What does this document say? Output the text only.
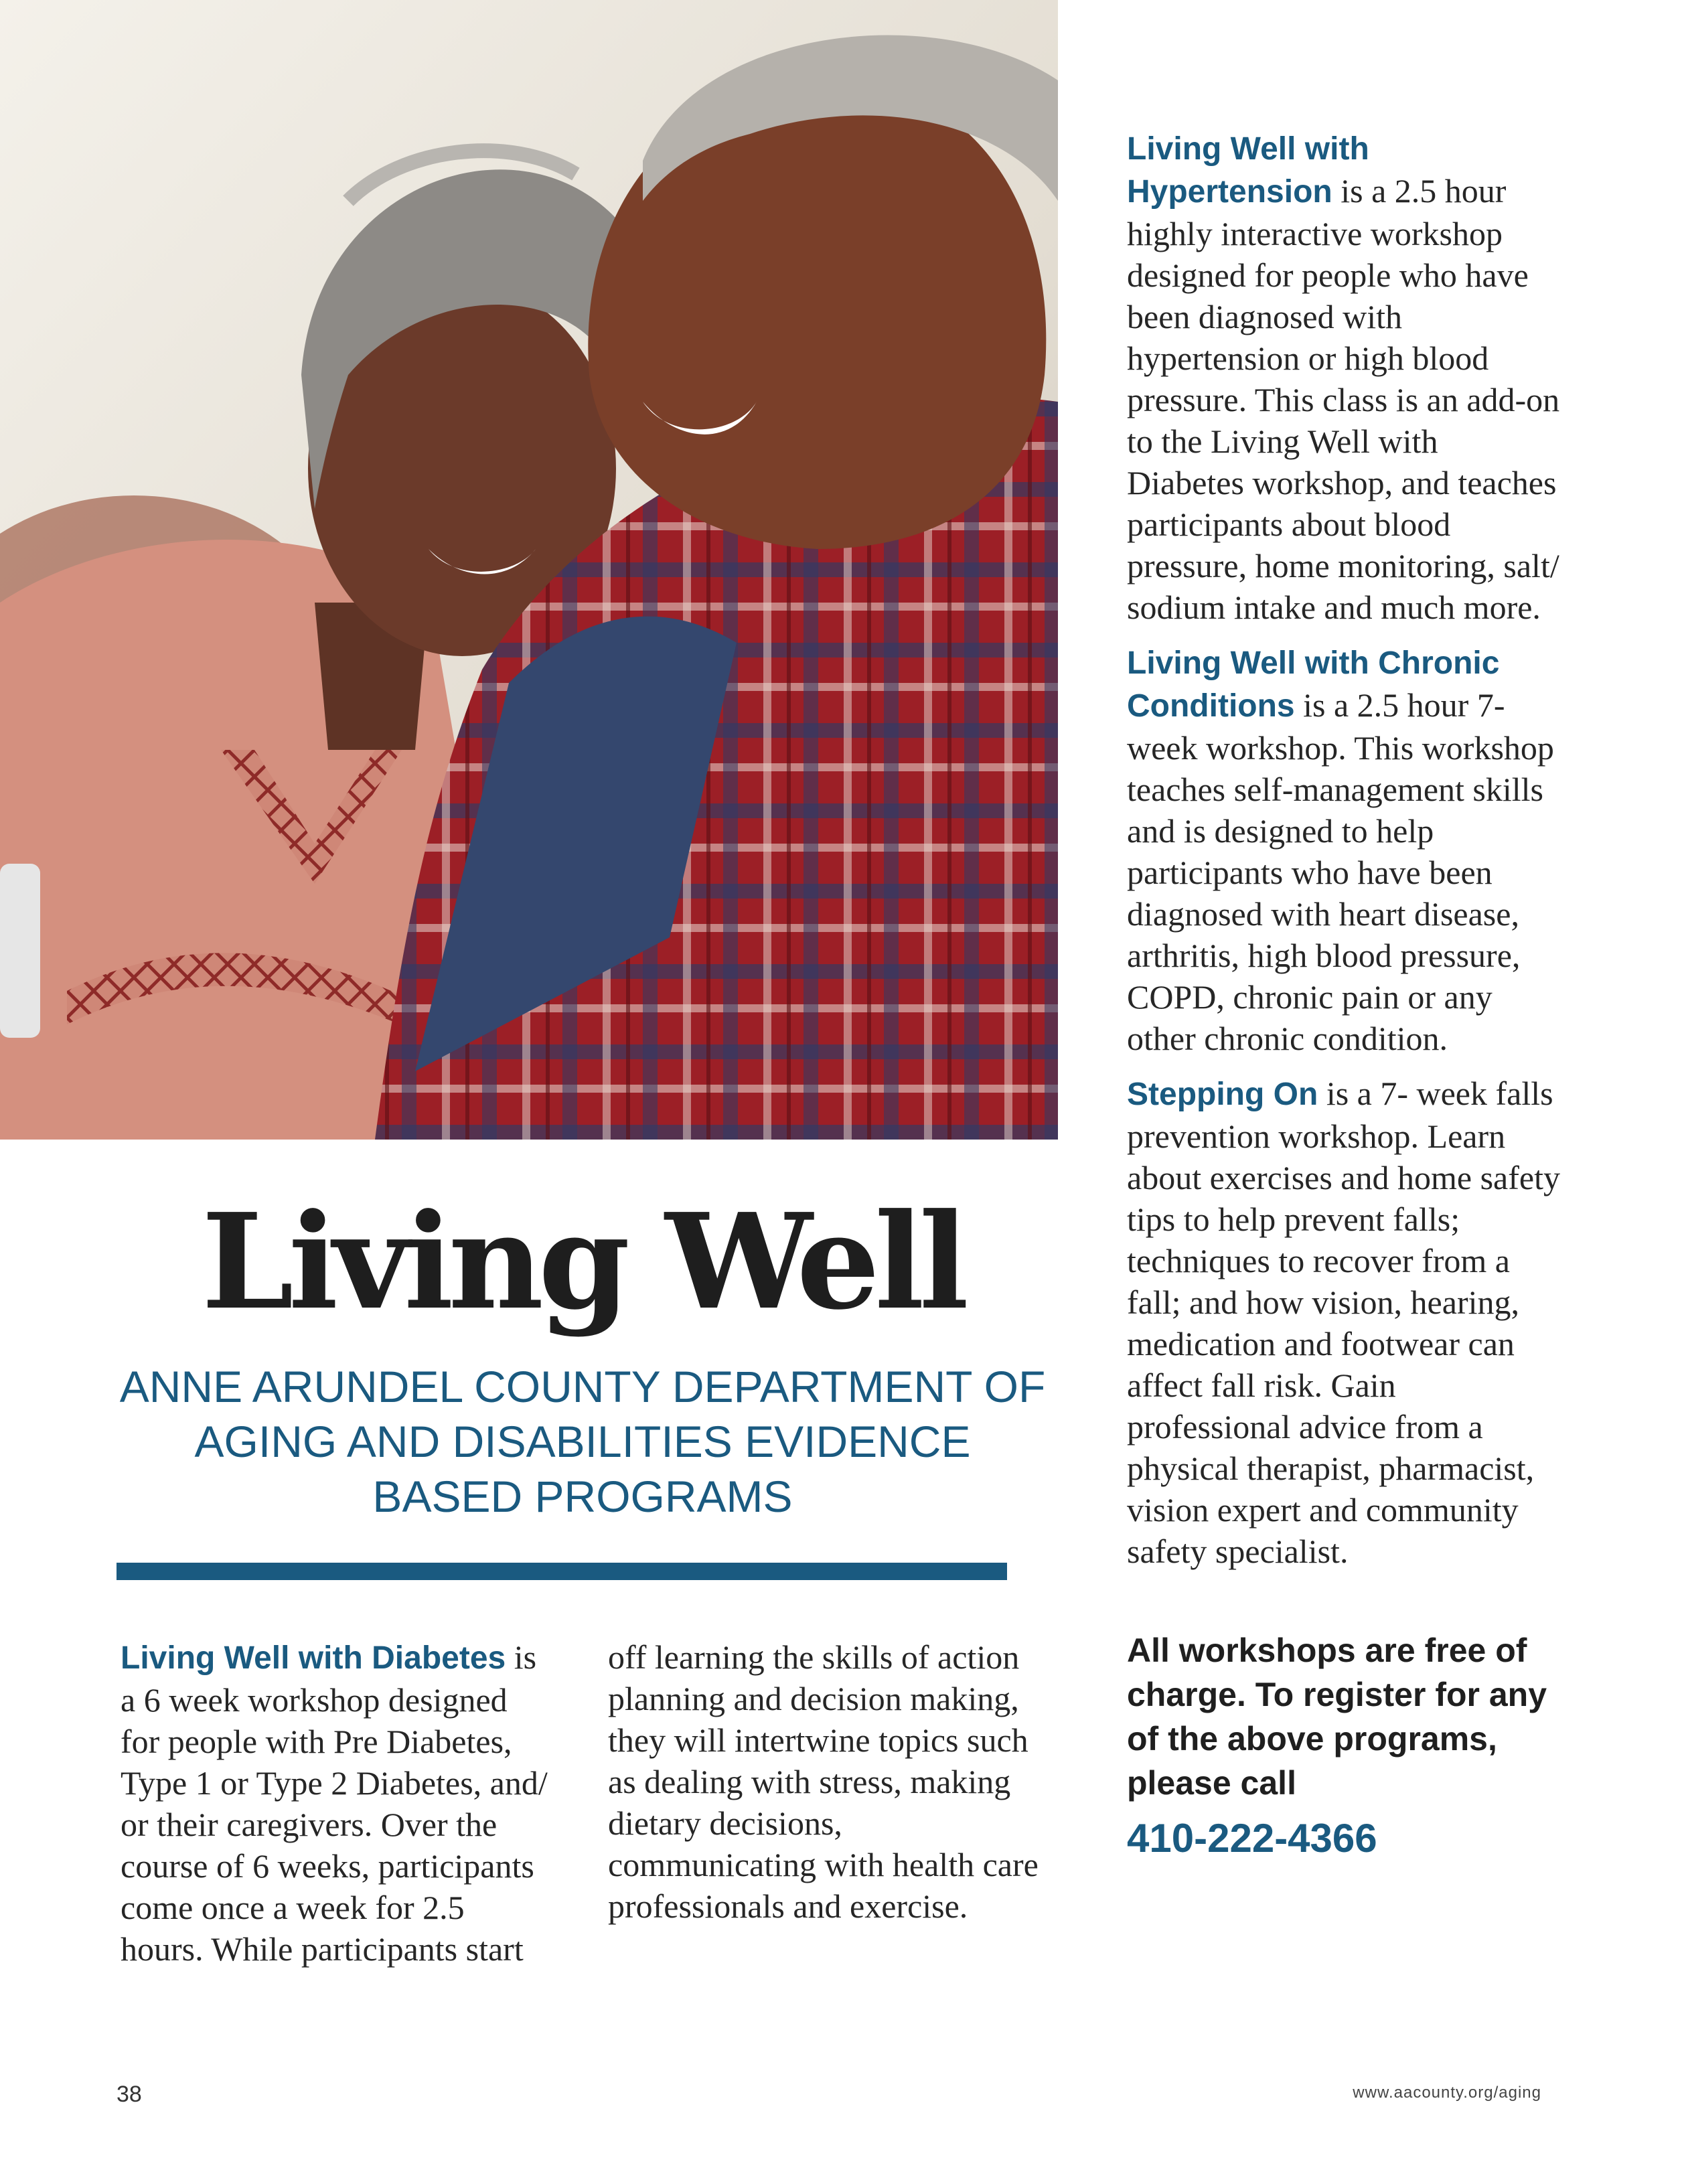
Living Well
ANNE ARUNDEL COUNTY DEPARTMENT OF AGING AND DISABILITIES EVIDENCE BASED PROGRAMS

Living Well with Diabetes is a 6 week workshop designed for people with Pre Diabetes, Type 1 or Type 2 Diabetes, and/ or their caregivers. Over the course of 6 weeks, participants come once a week for 2.5 hours. While participants start

off learning the skills of action planning and decision making, they will intertwine topics such as dealing with stress, making dietary decisions, communicating with health care professionals and exercise.

Living Well with Hypertension is a 2.5 hour highly interactive workshop designed for people who have been diagnosed with hypertension or high blood pressure. This class is an add-on to the Living Well with Diabetes workshop, and teaches participants about blood pressure, home monitoring, salt/ sodium intake and much more.

Living Well with Chronic Conditions is a 2.5 hour 7-week workshop. This workshop teaches self-management skills and is designed to help participants who have been diagnosed with heart disease, arthritis, high blood pressure, COPD, chronic pain or any other chronic condition.

Stepping On is a 7- week falls prevention workshop. Learn about exercises and home safety tips to help prevent falls; techniques to recover from a fall; and how vision, hearing, medication and footwear can affect fall risk. Gain professional advice from a physical therapist, pharmacist, vision expert and community safety specialist.

All workshops are free of charge. To register for any of the above programs, please call

410-222-4366

38	www.aacounty.org/aging
